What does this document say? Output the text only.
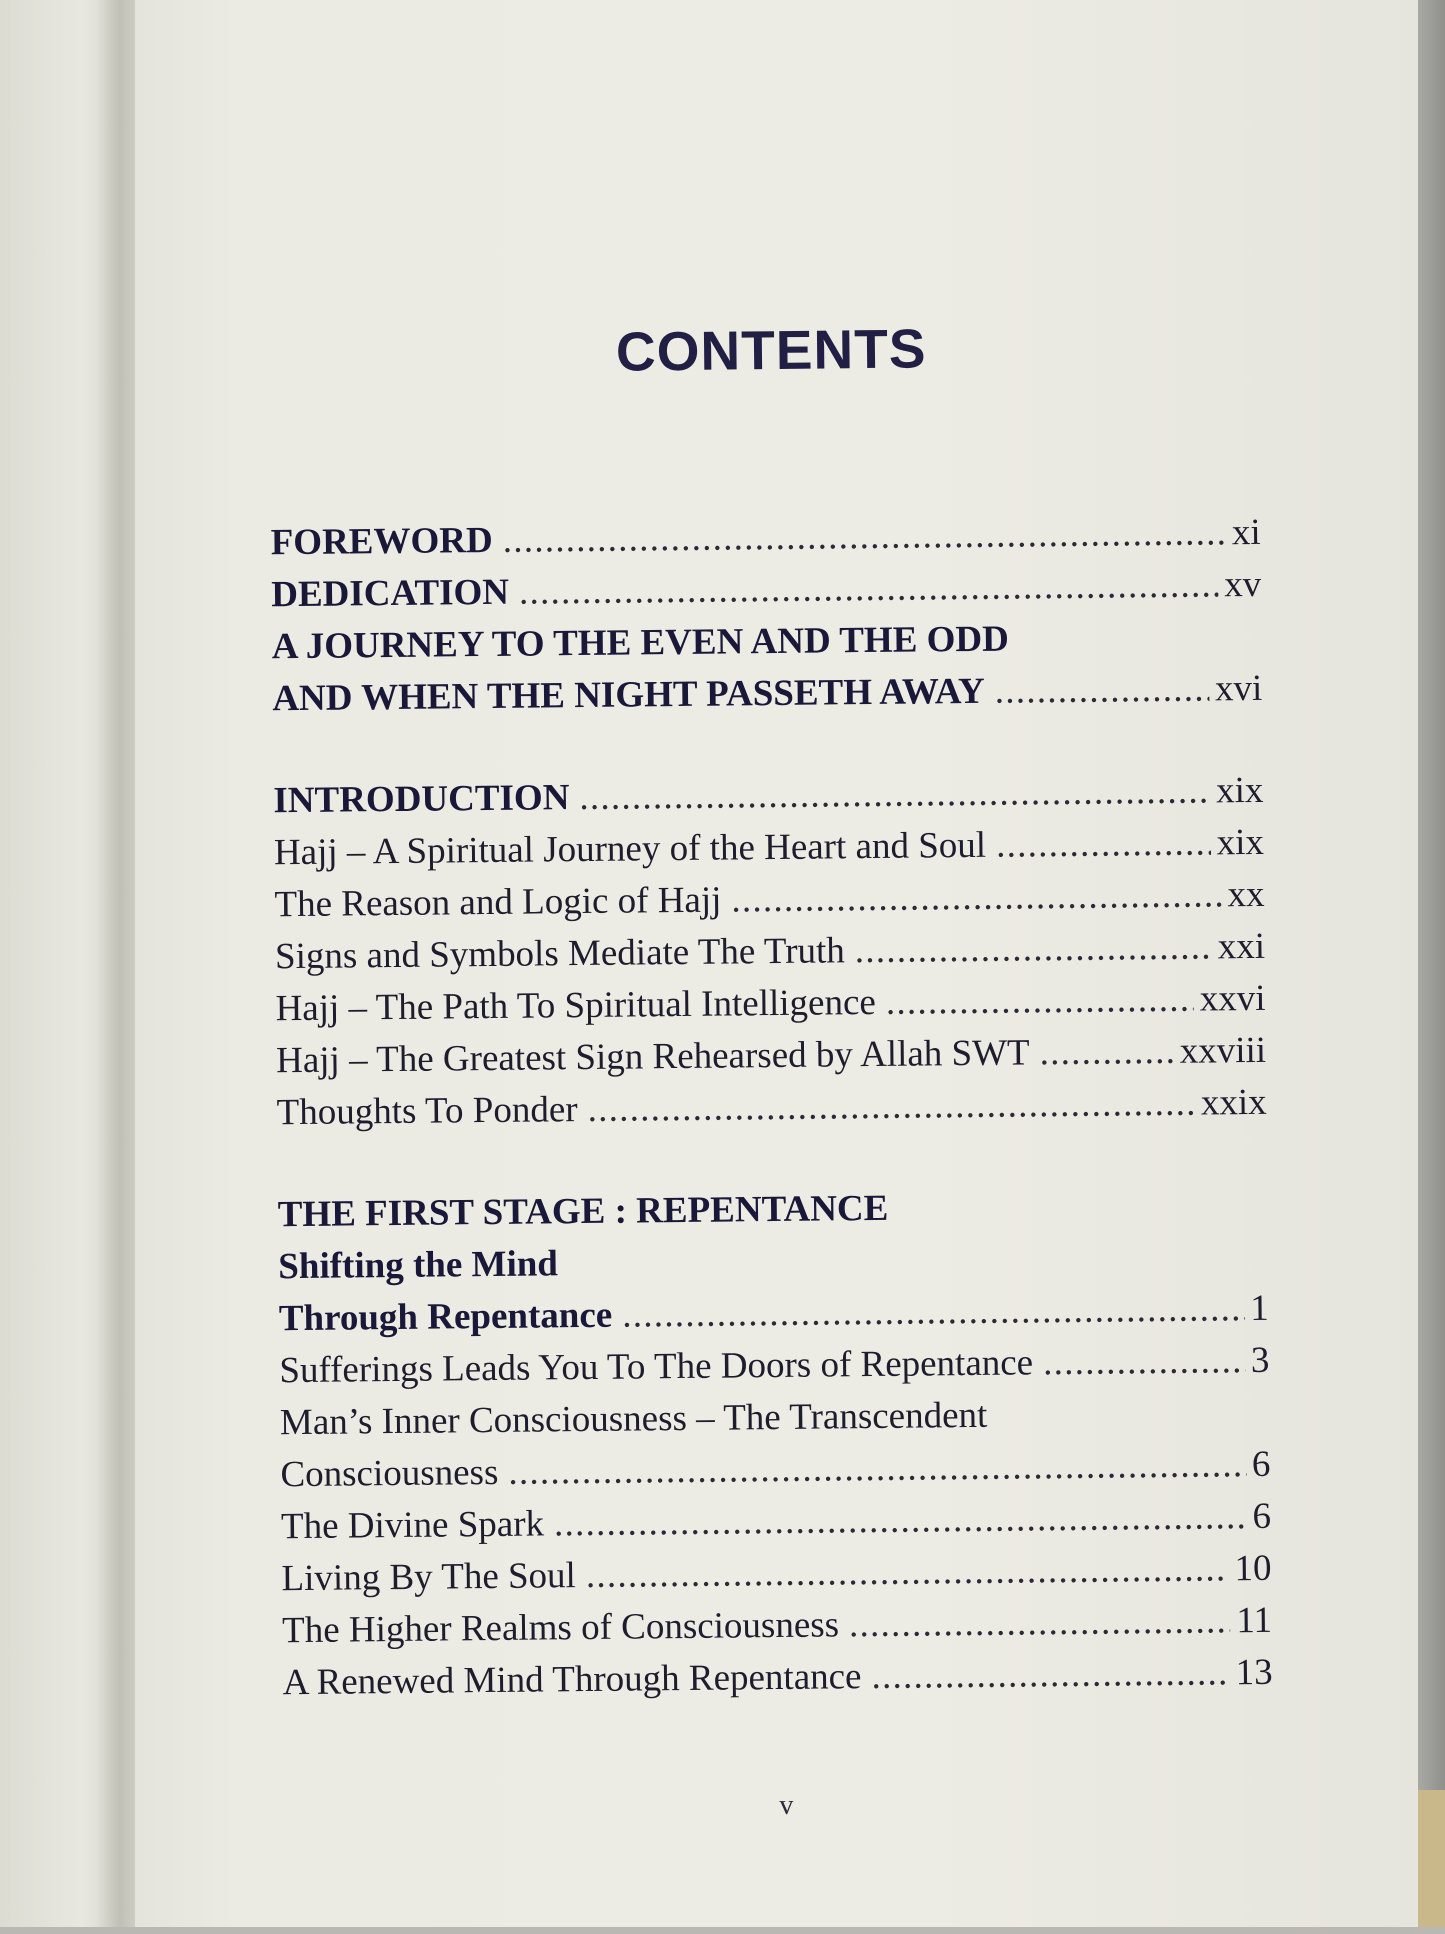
CONTENTS
FOREWORD . . .	xi
DEDICATION . . .	xv
A JOURNEY TO THE EVEN AND THE ODD
AND WHEN THE NIGHT PASSETH AWAY . . .	xvi
INTRODUCTION . . .	xix
Hajj – A Spiritual Journey of the Heart and Soul . . .	xix
The Reason and Logic of Hajj . . .	xx
Signs and Symbols Mediate The Truth . . .	xxi
Hajj – The Path To Spiritual Intelligence . . .	xxvi
Hajj – The Greatest Sign Rehearsed by Allah SWT . . .	xxviii
Thoughts To Ponder . . .	xxix
THE FIRST STAGE : REPENTANCE
Shifting the Mind
Through Repentance . . .	1
Sufferings Leads You To The Doors of Repentance . . .	3
Man’s Inner Consciousness – The Transcendent
Consciousness . . .	6
The Divine Spark . . .	6
Living By The Soul . . .	10
The Higher Realms of Consciousness . . .	11
A Renewed Mind Through Repentance . . .	13
v
